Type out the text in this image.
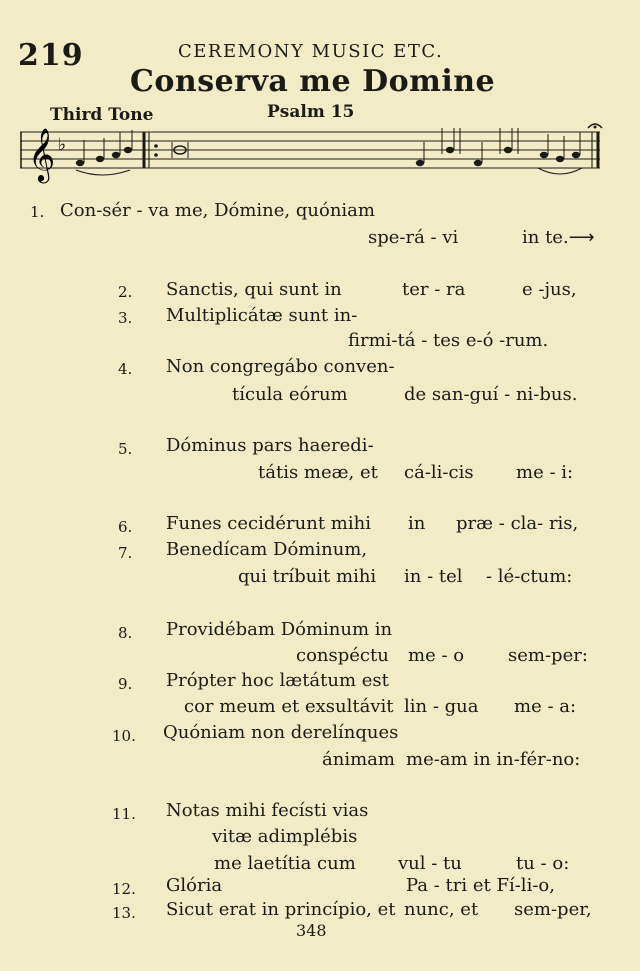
219	CEREMONY MUSIC ETC.
Conserva me Domine
Third Tone	Psalm 15
𝄞 ♭
1. Con-sér - va me, Dómine, quóniam
spe-rá - vi	in te.⟶
2. Sanctis, qui sunt in	ter - ra	e -jus,
3. Multiplicátæ sunt in-
firmi-tá - tes e-ó -rum.
4. Non congregábo conven-
tícula eórum	de san-guí - ni-bus.
5. Dóminus pars haeredi-
tátis meæ, et cá-li-cis me - i:
6. Funes cecidérunt mihi in præ - cla- ris,
7. Benedícam Dóminum,
qui tríbuit mihi in - tel - lé-ctum:
8. Providébam Dóminum in
conspéctu me - o sem-per:
9. Própter hoc lætátum est
cor meum et exsultávit lin - gua me - a:
10. Quóniam non derelínques
ánimam me-am in in-fér-no:
11. Notas mihi fecísti vias
vitæ adimplébis
me laetítia cum vul - tu	tu - o:
12. Glória	Pa - tri et Fí-li-o,
13. Sicut erat in princípio, et nunc, et sem-per,
348
